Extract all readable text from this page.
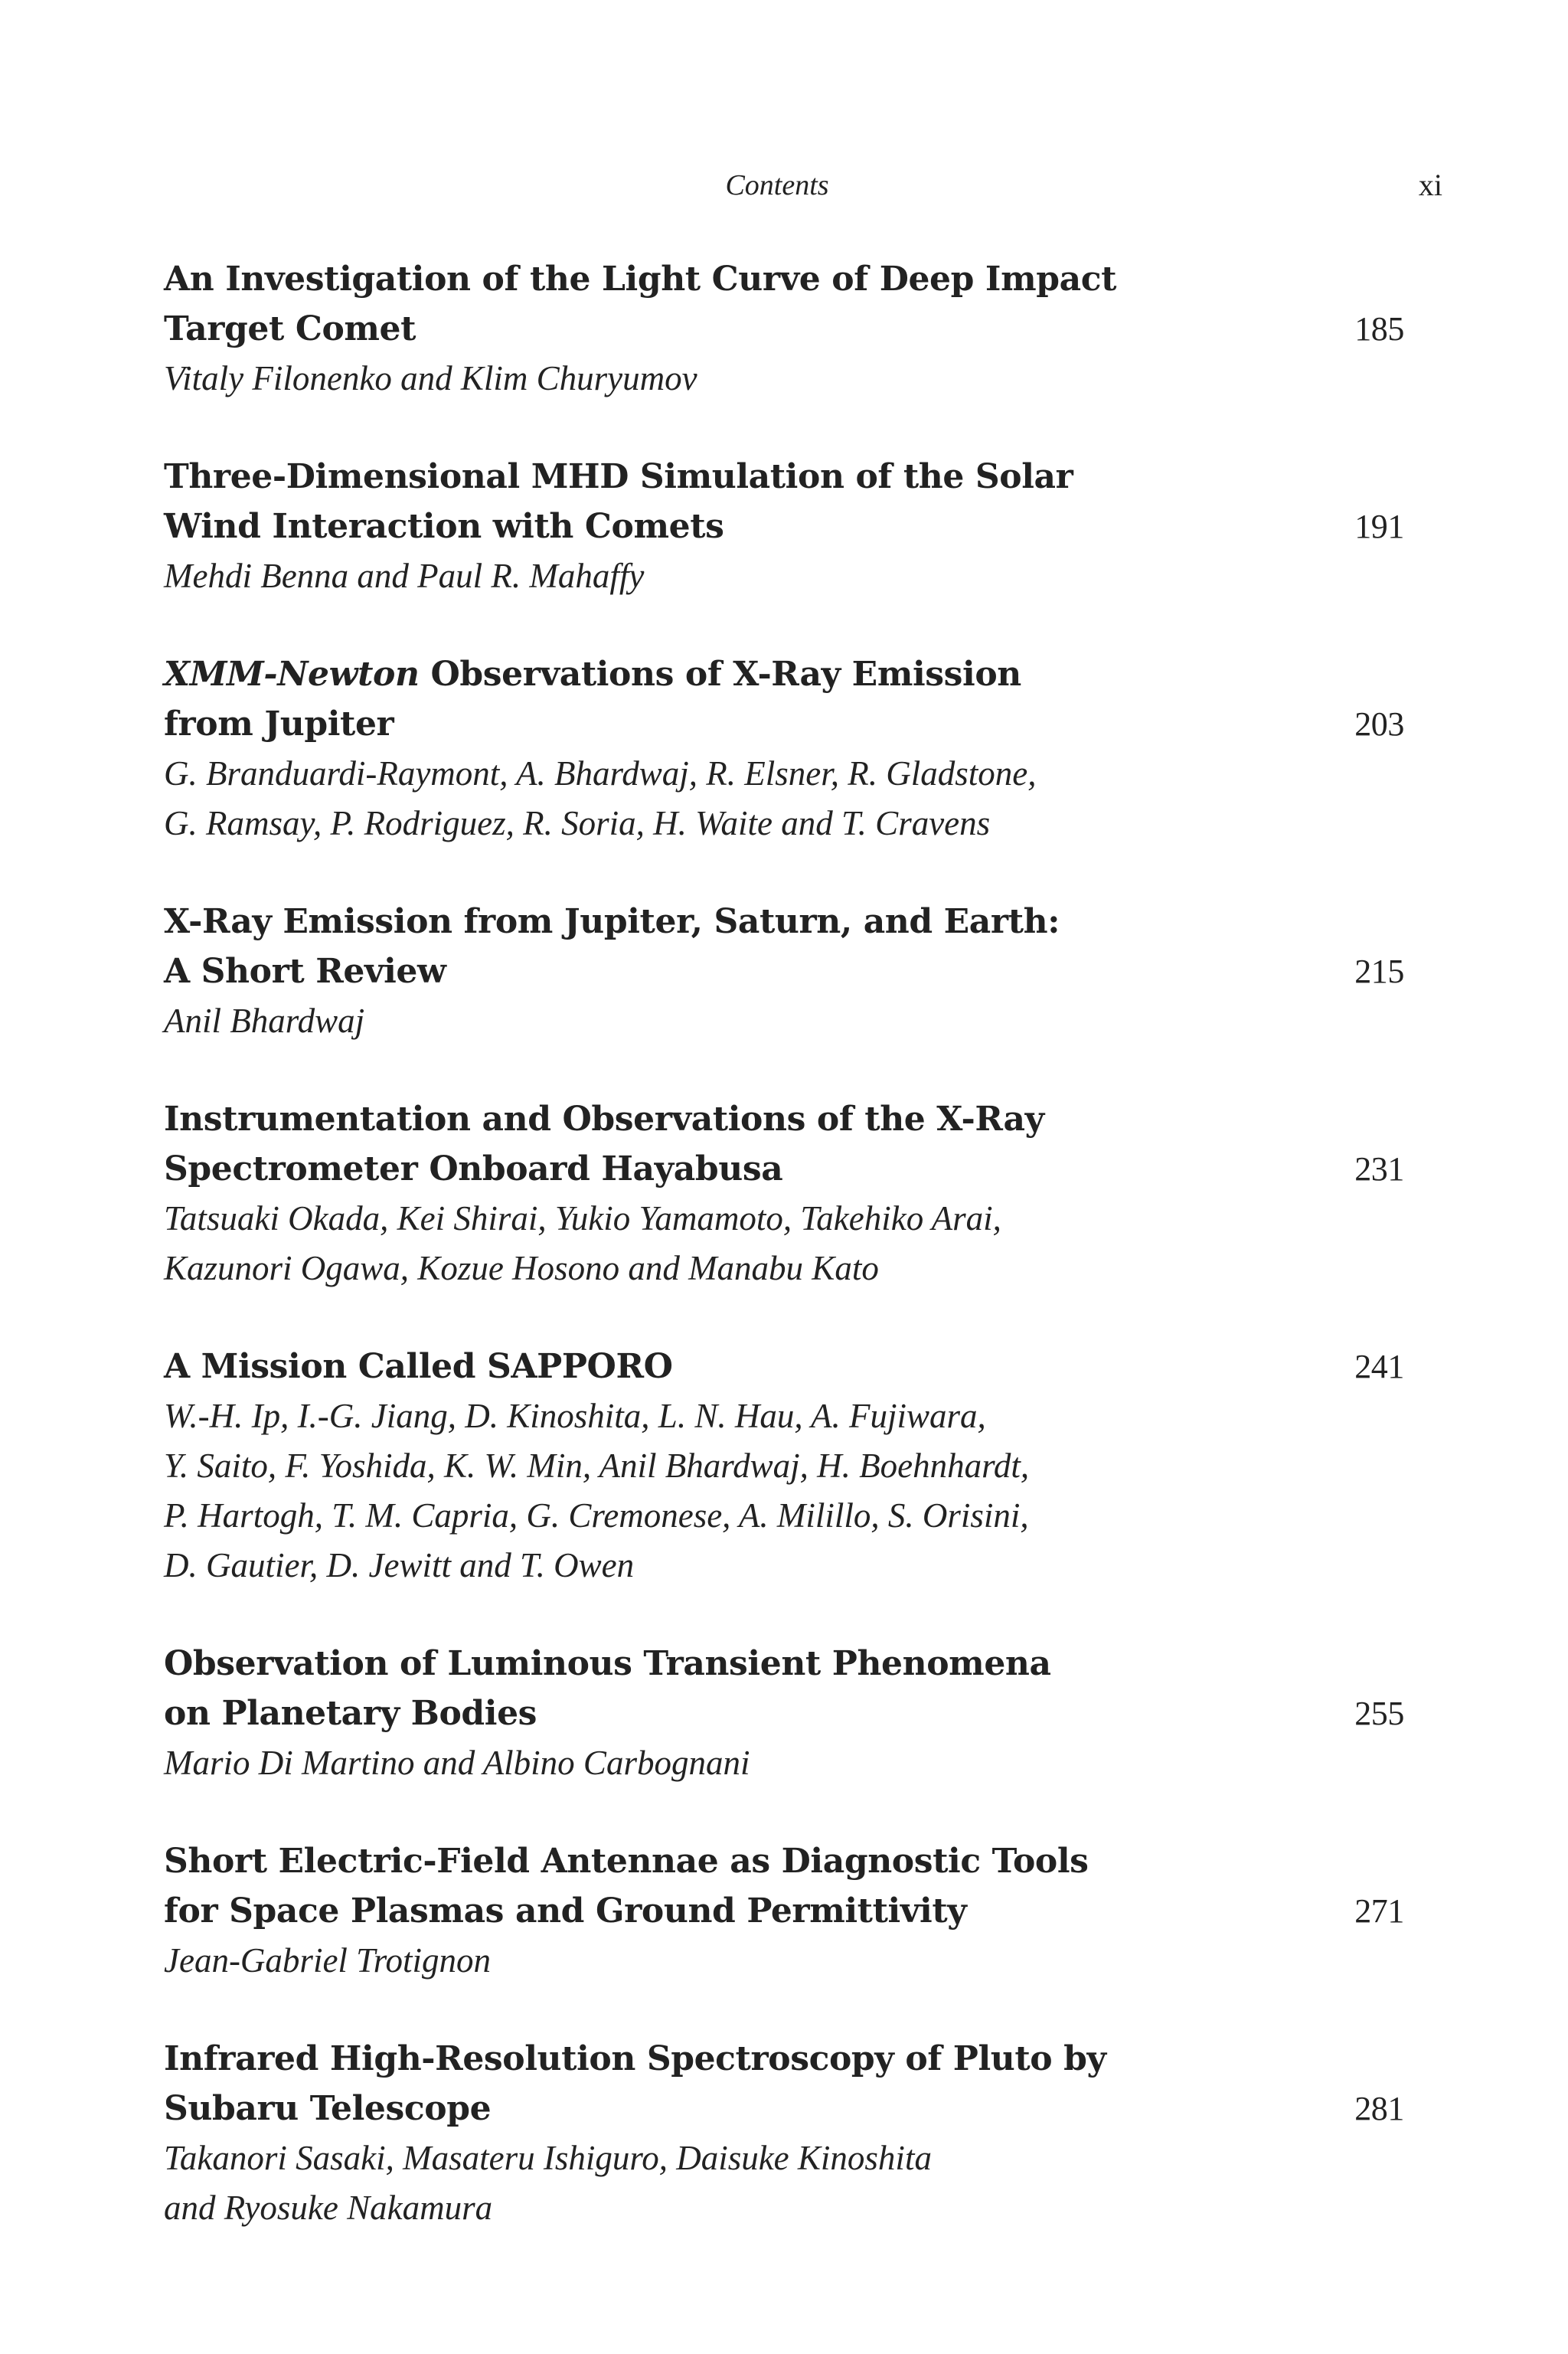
Contents	xi
An Investigation of the Light Curve of Deep Impact
Target Comet	185
Vitaly Filonenko and Klim Churyumov
Three-Dimensional MHD Simulation of the Solar
Wind Interaction with Comets	191
Mehdi Benna and Paul R. Mahaffy
XMM-Newton Observations of X-Ray Emission
from Jupiter	203
G. Branduardi-Raymont, A. Bhardwaj, R. Elsner, R. Gladstone,
G. Ramsay, P. Rodriguez, R. Soria, H. Waite and T. Cravens
X-Ray Emission from Jupiter, Saturn, and Earth:
A Short Review	215
Anil Bhardwaj
Instrumentation and Observations of the X-Ray
Spectrometer Onboard Hayabusa	231
Tatsuaki Okada, Kei Shirai, Yukio Yamamoto, Takehiko Arai,
Kazunori Ogawa, Kozue Hosono and Manabu Kato
A Mission Called SAPPORO	241
W.-H. Ip, I.-G. Jiang, D. Kinoshita, L. N. Hau, A. Fujiwara,
Y. Saito, F. Yoshida, K. W. Min, Anil Bhardwaj, H. Boehnhardt,
P. Hartogh, T. M. Capria, G. Cremonese, A. Milillo, S. Orisini,
D. Gautier, D. Jewitt and T. Owen
Observation of Luminous Transient Phenomena
on Planetary Bodies	255
Mario Di Martino and Albino Carbognani
Short Electric-Field Antennae as Diagnostic Tools
for Space Plasmas and Ground Permittivity	271
Jean-Gabriel Trotignon
Infrared High-Resolution Spectroscopy of Pluto by
Subaru Telescope	281
Takanori Sasaki, Masateru Ishiguro, Daisuke Kinoshita
and Ryosuke Nakamura
